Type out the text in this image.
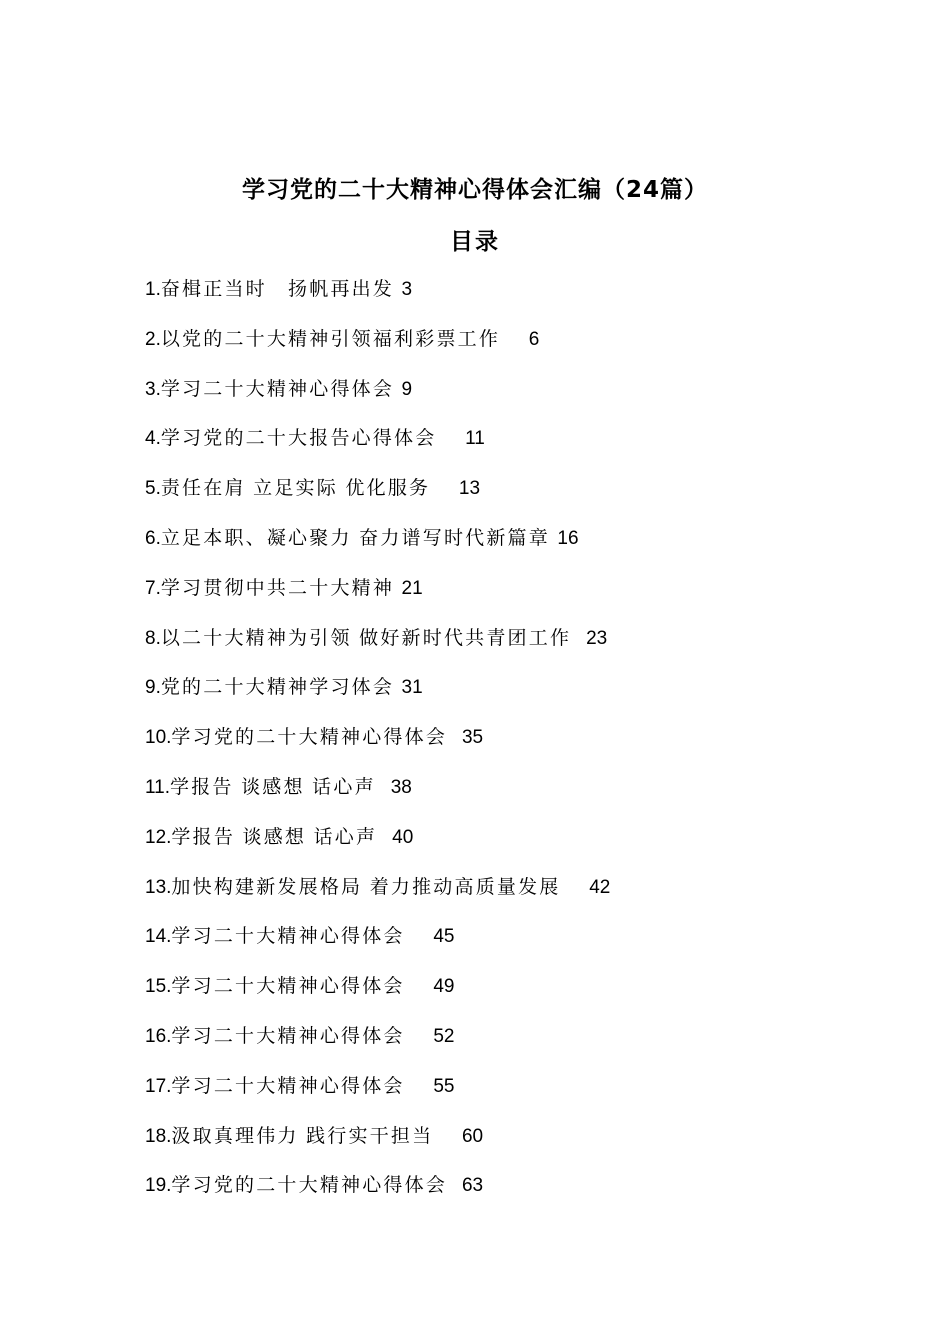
学习党的二十大精神心得体会汇编（24篇）
目录
1.奋楫正当时　扬帆再出发 3
2.以党的二十大精神引领福利彩票工作　 6
3.学习二十大精神心得体会 9
4.学习党的二十大报告心得体会　 11
5.责任在肩 立足实际 优化服务　 13
6.立足本职、凝心聚力 奋力谱写时代新篇章 16
7.学习贯彻中共二十大精神 21
8.以二十大精神为引领 做好新时代共青团工作  23
9.党的二十大精神学习体会 31
10.学习党的二十大精神心得体会  35
11.学报告 谈感想 话心声  38
12.学报告 谈感想 话心声  40
13.加快构建新发展格局 着力推动高质量发展　 42
14.学习二十大精神心得体会　 45
15.学习二十大精神心得体会　 49
16.学习二十大精神心得体会　 52
17.学习二十大精神心得体会　 55
18.汲取真理伟力 践行实干担当　 60
19.学习党的二十大精神心得体会  63
